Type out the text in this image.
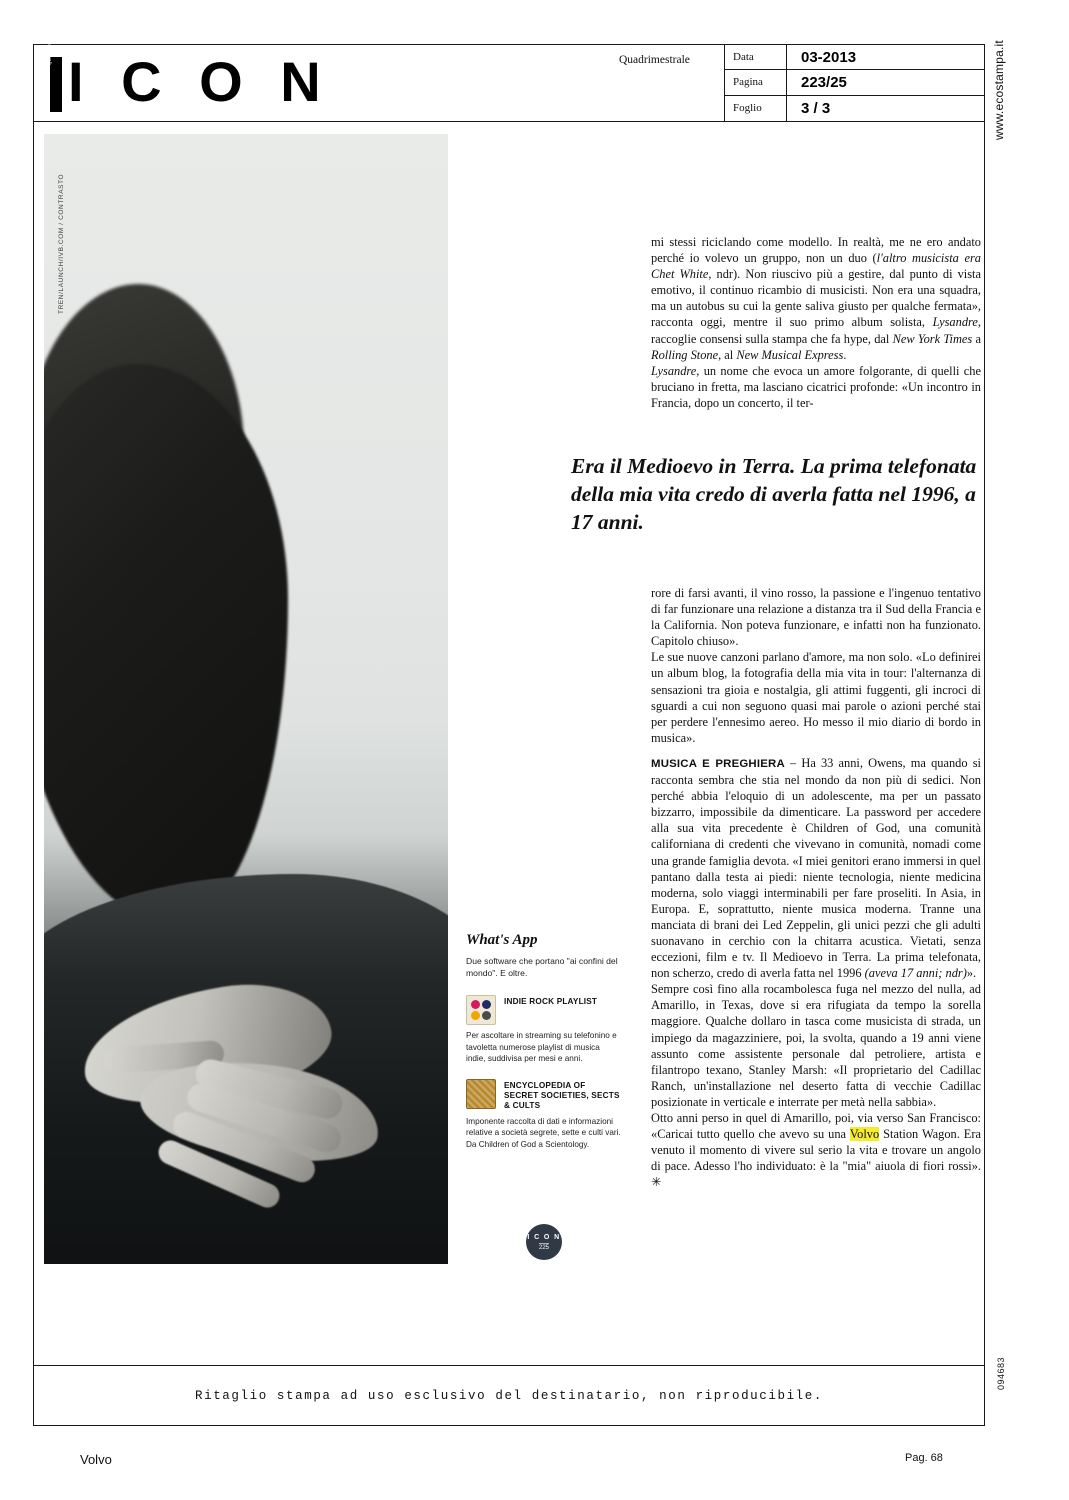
QUADRIMESTRALE
I C O N	Quadrimestrale	Data	03-2013
Pagina	223/25
Foglio	3 / 3	www.ecostampa.it
094683
TREN/LAUNCH/IVB.COM / CONTRASTO	mi stessi riciclando come modello. In realtà, me ne ero andato perché io volevo un gruppo, non un duo (l'altro musicista era Chet White, ndr). Non riuscivo più a gestire, dal punto di vista emotivo, il continuo ricambio di musicisti. Non era una squadra, ma un autobus su cui la gente saliva giusto per qualche fermata», racconta oggi, mentre il suo primo album solista, Lysandre, raccoglie consensi sulla stampa che fa hype, dal New York Times a Rolling Stone, al New Musical Express.

Lysandre, un nome che evoca un amore folgorante, di quelli che bruciano in fretta, ma lasciano cicatrici profonde: «Un incontro in Francia, dopo un concerto, il ter-

Era il Medioevo in Terra. La prima telefonata della mia vita credo di averla fatta nel 1996, a 17 anni.

rore di farsi avanti, il vino rosso, la passione e l'ingenuo tentativo di far funzionare una relazione a distanza tra il Sud della Francia e la California. Non poteva funzionare, e infatti non ha funzionato. Capitolo chiuso».

Le sue nuove canzoni parlano d'amore, ma non solo. «Lo definirei un album blog, la fotografia della mia vita in tour: l'alternanza di sensazioni tra gioia e nostalgia, gli attimi fuggenti, gli incroci di sguardi a cui non seguono quasi mai parole o azioni perché stai per perdere l'ennesimo aereo. Ho messo il mio diario di bordo in musica».

MUSICA E PREGHIERA – Ha 33 anni, Owens, ma quando si racconta sembra che stia nel mondo da non più di sedici. Non perché abbia l'eloquio di un adolescente, ma per un passato bizzarro, impossibile da dimenticare. La password per accedere alla sua vita precedente è Children of God, una comunità californiana di credenti che vivevano in comunità, nomadi come una grande famiglia devota. «I miei genitori erano immersi in quel pantano dalla testa ai piedi: niente tecnologia, niente medicina moderna, solo viaggi interminabili per fare proseliti. In Asia, in Europa. E, soprattutto, niente musica moderna. Tranne una manciata di brani dei Led Zeppelin, gli unici pezzi che gli adulti suonavano in cerchio con la chitarra acustica. Vietati, senza eccezioni, film e tv. Il Medioevo in Terra. La prima telefonata, non scherzo, credo di averla fatta nel 1996 (aveva 17 anni; ndr)».

Sempre così fino alla rocambolesca fuga nel mezzo del nulla, ad Amarillo, in Texas, dove si era rifugiata da tempo la sorella maggiore. Qualche dollaro in tasca come musicista di strada, un impiego da magazziniere, poi, la svolta, quando a 19 anni viene assunto come assistente personale dal petroliere, artista e filantropo texano, Stanley Marsh: «Il proprietario del Cadillac Ranch, un'installazione nel deserto fatta di vecchie Cadillac posizionate in verticale e interrate per metà nella sabbia».

Otto anni perso in quel di Amarillo, poi, via verso San Francisco: «Caricai tutto quello che avevo su una Volvo Station Wagon. Era venuto il momento di vivere sul serio la vita e trovare un angolo di pace. Adesso l'ho individuato: è la "mia" aiuola di fiori rossi». ✳

What's App
Due software che portano "ai confini del mondo". E oltre.
INDIE ROCK PLAYLIST
Per ascoltare in streaming su telefonino e tavoletta numerose playlist di musica indie, suddivisa per mesi e anni.
ENCYCLOPEDIA OF SECRET SOCIETIES, SECTS & CULTS
Imponente raccolta di dati e informazioni relative a società segrete, sette e culti vari. Da Children of God a Scientology.
I C O N
225
Ritaglio stampa ad uso esclusivo del destinatario, non riproducibile.
Volvo	Pag. 68
